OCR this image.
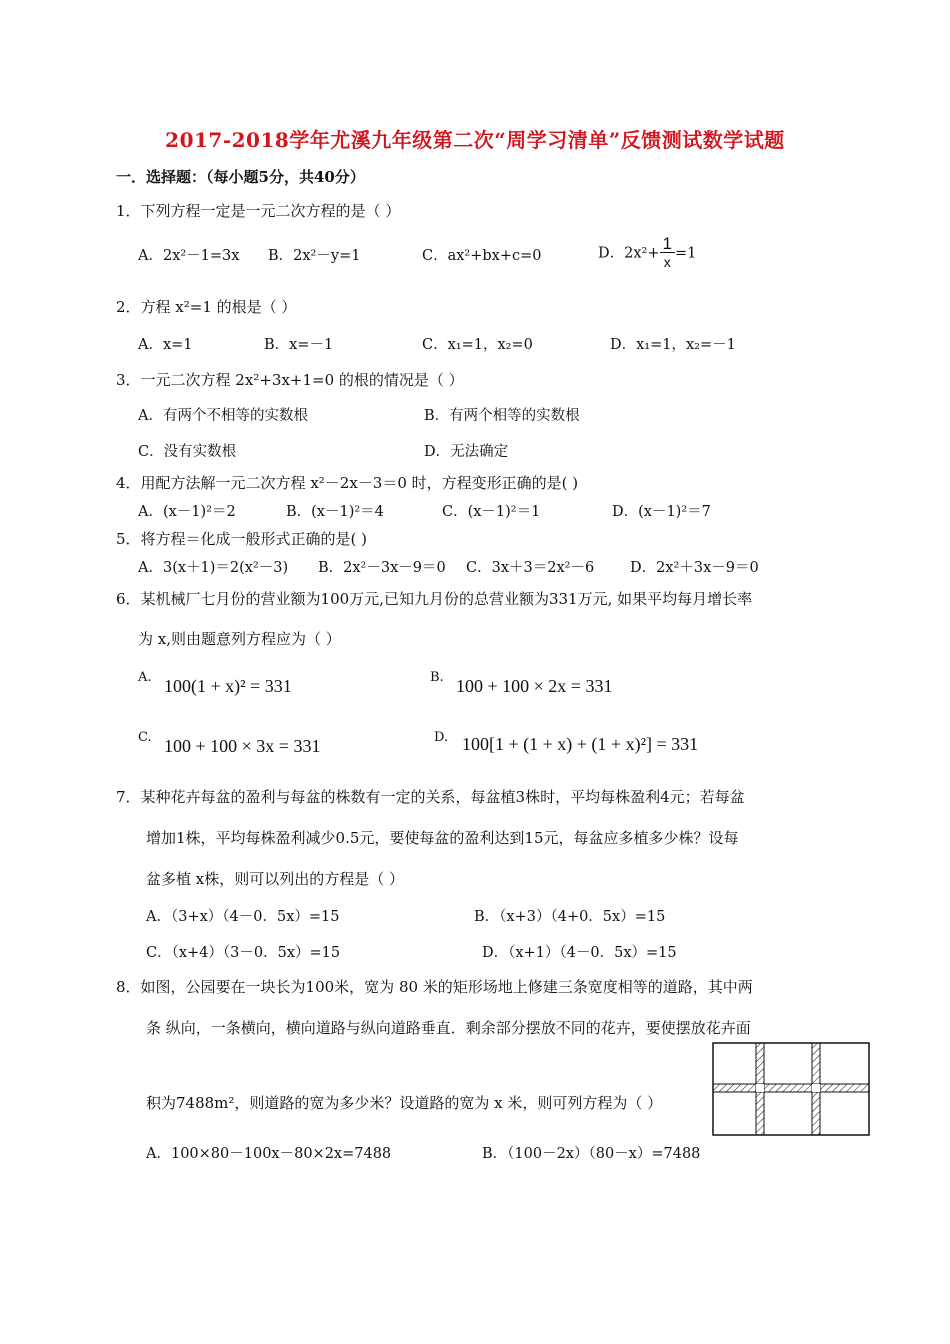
2017-2018学年尤溪九年级第二次“周学习清单”反馈测试数学试题
一．选择题：（每小题5分，共40分）
1．下列方程一定是一元二次方程的是（ ）
A．2x²－1=3x B．2x²－y=1	C．ax²+bx+c=0	D．$2x^2+ \frac{1}{x} =1$
2．方程 x²=1 的根是（ ）
A．x=1	B．x=－1	C．x₁=1，x₂=0	D．x₁=1，x₂=－1
3．一元二次方程 2x²+3x+1=0 的根的情况是（ ）
A．有两个不相等的实数根	B．有两个相等的实数根
C．没有实数根	D．无法确定
4．用配方法解一元二次方程 x²－2x－3＝0 时，方程变形正确的是( )
A．(x－1)²＝2	B．(x－1)²＝4	C．(x－1)²＝1	D．(x－1)²＝7
5．将方程＝化成一般形式正确的是( )
A．3(x＋1)＝2(x²－3) B．2x²－3x－9＝0 C．3x＋3＝2x²－6 D．2x²＋3x－9＝0
6．某机械厂七月份的营业额为100万元,已知九月份的总营业额为331万元, 如果平均每月增长率
为 x,则由题意列方程应为（ ）
A. 100(1 + x)² = 331	B. 100 + 100 × 2x = 331
C. 100 + 100 × 3x = 331	D. 100[1 + (1 + x) + (1 + x)²] = 331
7．某种花卉每盆的盈利与每盆的株数有一定的关系，每盆植3株时，平均每株盈利4元；若每盆
增加1株，平均每株盈利减少0.5元，要使每盆的盈利达到15元，每盆应多植多少株？设每
盆多植 x株，则可以列出的方程是（ ）
A．（3+x）（4－0．5x）=15	B．（x+3）（4+0．5x）=15
C．（x+4）（3－0．5x）=15	D．（x+1）（4－0．5x）=15
8．如图，公园要在一块长为100米，宽为 80 米的矩形场地上修建三条宽度相等的道路，其中两
条 纵向，一条横向，横向道路与纵向道路垂直．剩余部分摆放不同的花卉，要使摆放花卉面
积为7488m²，则道路的宽为多少米？设道路的宽为 x 米，则可列方程为（ ）
A．100×80－100x－80×2x=7488	B．（100－2x）（80－x）=7488
